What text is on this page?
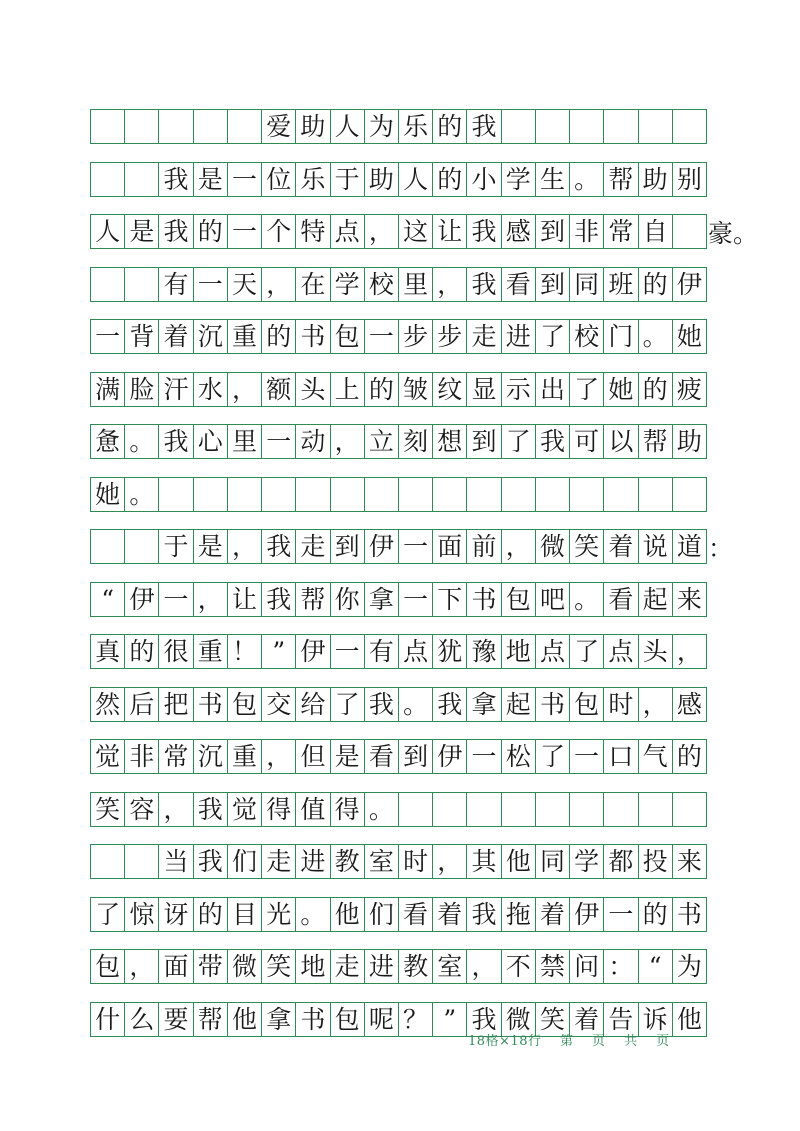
爱 助 人 为 乐 的 我
我 是 一 位 乐 于 助 人 的 小 学 生 。 帮 助 别
人 是 我 的 一 个 特 点 ， 这 让 我 感 到 非 常 自
有 一 天 ， 在 学 校 里 ， 我 看 到 同 班 的 伊
一 背 着 沉 重 的 书 包 一 步 步 走 进 了 校 门 。 她
满 脸 汗 水 ， 额 头 上 的 皱 纹 显 示 出 了 她 的 疲
惫 。 我 心 里 一 动 ， 立 刻 想 到 了 我 可 以 帮 助
她 。
于 是 ， 我 走 到 伊 一 面 前 ， 微 笑 着 说 道
“ 伊 一 ， 让 我 帮 你 拿 一 下 书 包 吧 。 看 起 来
真 的 很 重 ！ ” 伊 一 有 点 犹 豫 地 点 了 点 头 ，
然 后 把 书 包 交 给 了 我 。 我 拿 起 书 包 时 ， 感
觉 非 常 沉 重 ， 但 是 看 到 伊 一 松 了 一 口 气 的
笑 容 ， 我 觉 得 值 得 。
当 我 们 走 进 教 室 时 ， 其 他 同 学 都 投 来
了 惊 讶 的 目 光 。 他 们 看 着 我 拖 着 伊 一 的 书
包 ， 面 带 微 笑 地 走 进 教 室 ， 不 禁 问 ： “ 为
什 么 要 帮 他 拿 书 包 呢 ？ ” 我 微 笑 着 告 诉 他
豪。
：
18格×18行    第    页    共    页
